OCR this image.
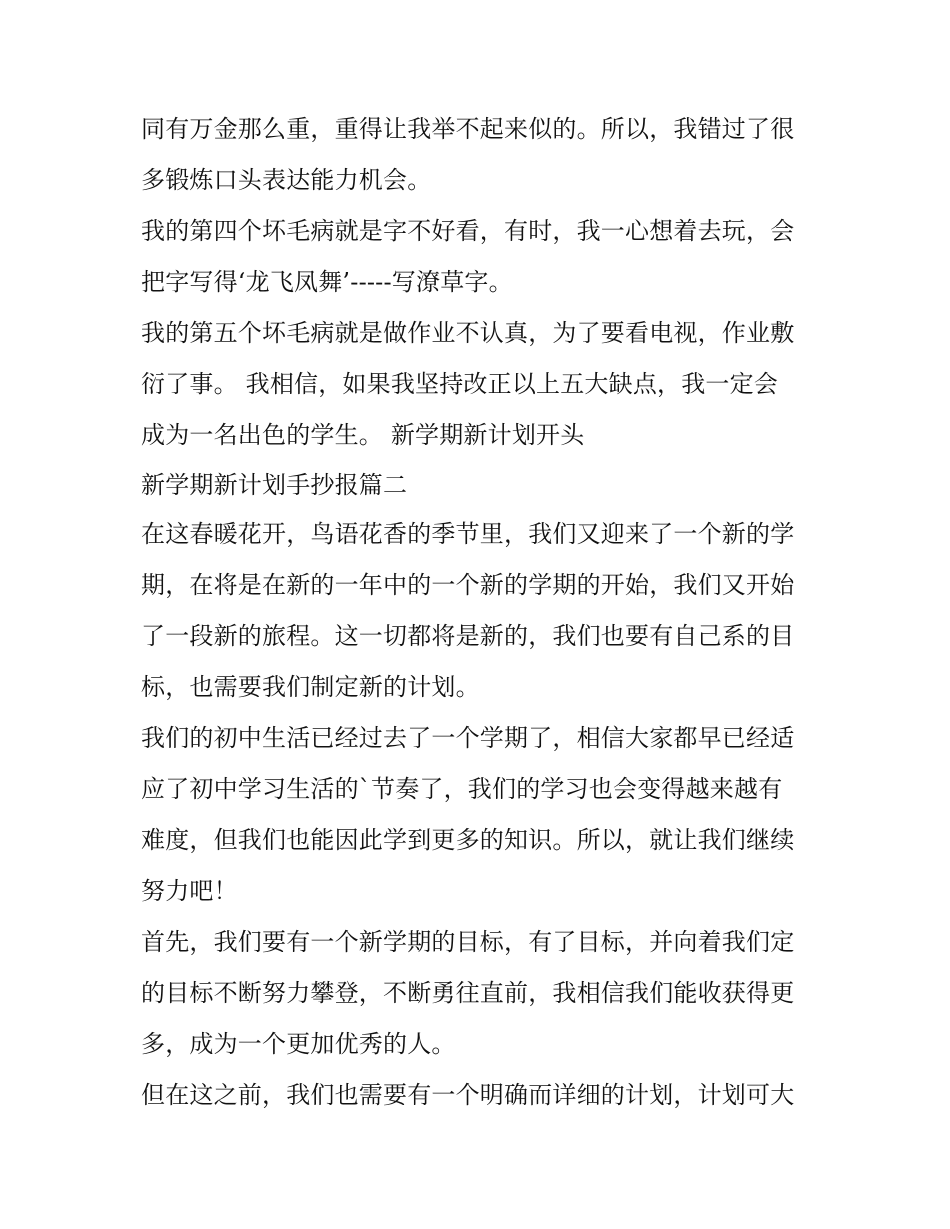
同有万金那么重，重得让我举不起来似的。所以，我错过了很
多锻炼口头表达能力机会。
我的第四个坏毛病就是字不好看，有时，我一心想着去玩，会
把字写得‘龙飞凤舞’-----写潦草字。
我的第五个坏毛病就是做作业不认真，为了要看电视，作业敷
衍了事。 我相信，如果我坚持改正以上五大缺点，我一定会
成为一名出色的学生。 新学期新计划开头
新学期新计划手抄报篇二
在这春暖花开，鸟语花香的季节里，我们又迎来了一个新的学
期，在将是在新的一年中的一个新的学期的开始，我们又开始
了一段新的旅程。这一切都将是新的，我们也要有自己系的目
标，也需要我们制定新的计划。
我们的初中生活已经过去了一个学期了，相信大家都早已经适
应了初中学习生活的`节奏了，我们的学习也会变得越来越有
难度，但我们也能因此学到更多的知识。所以，就让我们继续
努力吧！
首先，我们要有一个新学期的目标，有了目标，并向着我们定
的目标不断努力攀登，不断勇往直前，我相信我们能收获得更
多，成为一个更加优秀的人。
但在这之前，我们也需要有一个明确而详细的计划，计划可大
